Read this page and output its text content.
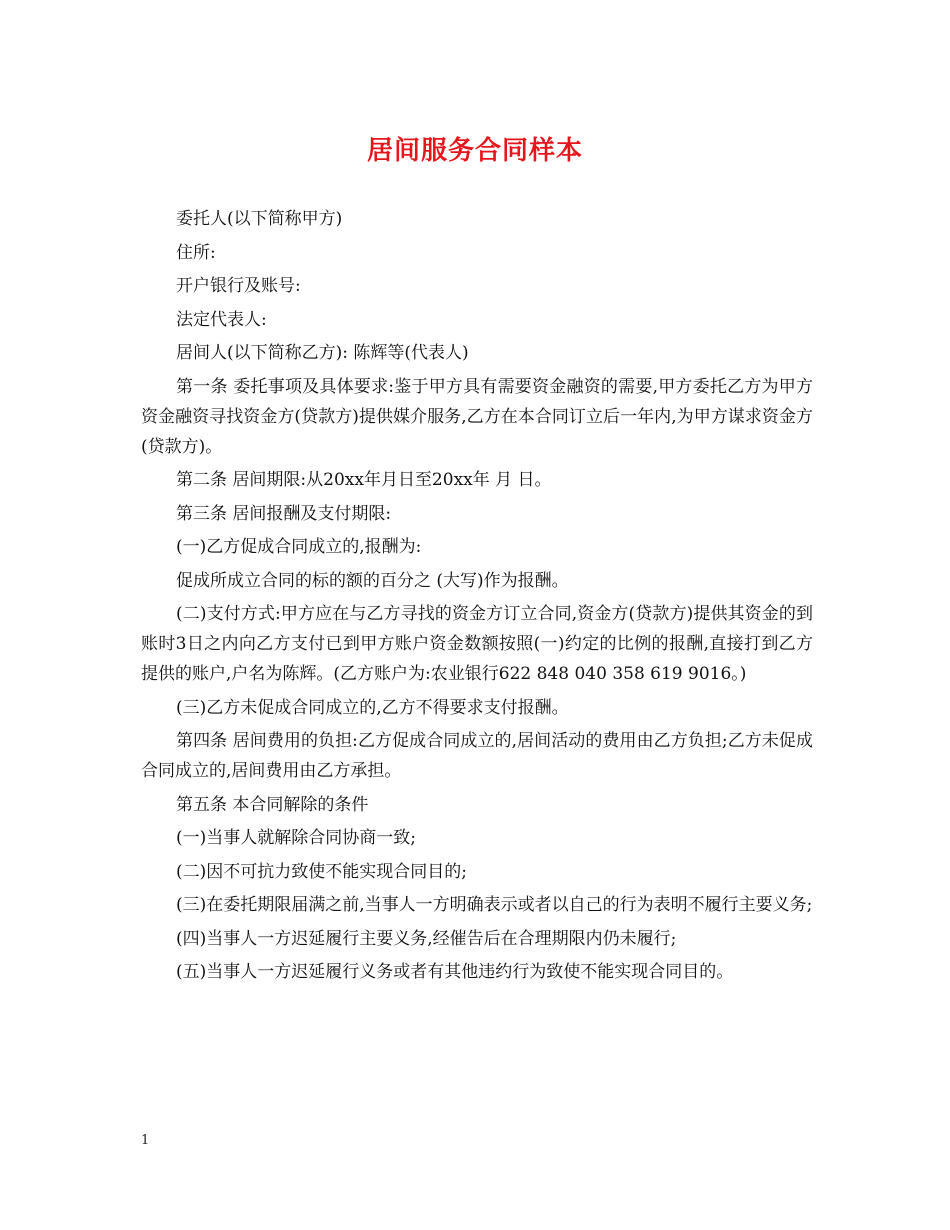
居间服务合同样本

委托人(以下简称甲方)

住所:

开户银行及账号:

法定代表人:

居间人(以下简称乙方): 陈辉等(代表人)

第一条 委托事项及具体要求:鉴于甲方具有需要资金融资的需要,甲方委托乙方为甲方资金融资寻找资金方(贷款方)提供媒介服务,乙方在本合同订立后一年内,为甲方谋求资金方(贷款方)。

第二条 居间期限:从20xx年月日至20xx年 月 日。

第三条 居间报酬及支付期限:

(一)乙方促成合同成立的,报酬为:

促成所成立合同的标的额的百分之 (大写)作为报酬。

(二)支付方式:甲方应在与乙方寻找的资金方订立合同,资金方(贷款方)提供其资金的到账时3日之内向乙方支付已到甲方账户资金数额按照(一)约定的比例的报酬,直接打到乙方提供的账户,户名为陈辉。(乙方账户为:农业银行622 848 040 358 619 9016。)

(三)乙方未促成合同成立的,乙方不得要求支付报酬。

第四条 居间费用的负担:乙方促成合同成立的,居间活动的费用由乙方负担;乙方未促成合同成立的,居间费用由乙方承担。

第五条 本合同解除的条件

(一)当事人就解除合同协商一致;

(二)因不可抗力致使不能实现合同目的;

(三)在委托期限届满之前,当事人一方明确表示或者以自己的行为表明不履行主要义务;

(四)当事人一方迟延履行主要义务,经催告后在合理期限内仍未履行;

(五)当事人一方迟延履行义务或者有其他违约行为致使不能实现合同目的。

1
